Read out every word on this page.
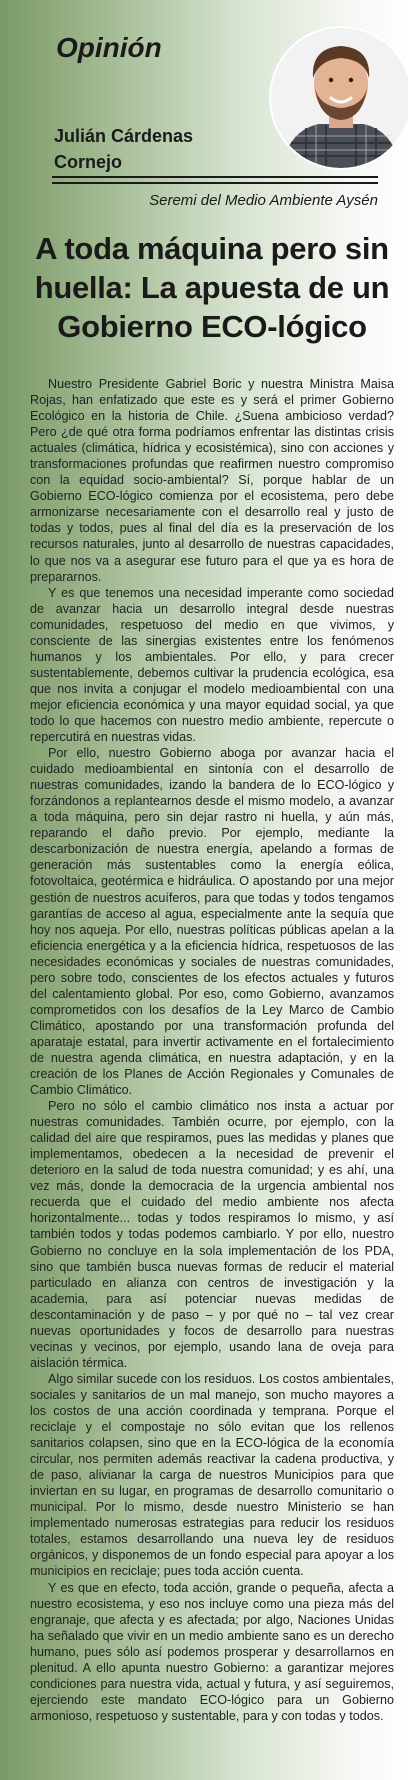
Opinión
Julián Cárdenas Cornejo
Seremi del Medio Ambiente Aysén
A toda máquina pero sin huella: La apuesta de un Gobierno ECO-lógico

Nuestro Presidente Gabriel Boric y nuestra Ministra Maisa Rojas, han enfatizado que este es y será el primer Gobierno Ecológico en la historia de Chile. ¿Suena ambicioso verdad? Pero ¿de qué otra forma podríamos enfrentar las distintas crisis actuales (climática, hídrica y ecosistémica), sino con acciones y transformaciones profundas que reafirmen nuestro compromiso con la equidad socio-ambiental? Sí, porque hablar de un Gobierno ECO-lógico comienza por el ecosistema, pero debe armonizarse necesariamente con el desarrollo real y justo de todas y todos, pues al final del día es la preservación de los recursos naturales, junto al desarrollo de nuestras capacidades, lo que nos va a asegurar ese futuro para el que ya es hora de prepararnos.

Y es que tenemos una necesidad imperante como sociedad de avanzar hacia un desarrollo integral desde nuestras comunidades, respetuoso del medio en que vivimos, y consciente de las sinergias existentes entre los fenómenos humanos y los ambientales. Por ello, y para crecer sustentablemente, debemos cultivar la prudencia ecológica, esa que nos invita a conjugar el modelo medioambiental con una mejor eficiencia económica y una mayor equidad social, ya que todo lo que hacemos con nuestro medio ambiente, repercute o repercutirá en nuestras vidas.

Por ello, nuestro Gobierno aboga por avanzar hacia el cuidado medioambiental en sintonía con el desarrollo de nuestras comunidades, izando la bandera de lo ECO-lógico y forzándonos a replantearnos desde el mismo modelo, a avanzar a toda máquina, pero sin dejar rastro ni huella, y aún más, reparando el daño previo. Por ejemplo, mediante la descarbonización de nuestra energía, apelando a formas de generación más sustentables como la energía eólica, fotovoltaica, geotérmica e hidráulica. O apostando por una mejor gestión de nuestros acuíferos, para que todas y todos tengamos garantías de acceso al agua, especialmente ante la sequía que hoy nos aqueja. Por ello, nuestras políticas públicas apelan a la eficiencia energética y a la eficiencia hídrica, respetuosos de las necesidades económicas y sociales de nuestras comunidades, pero sobre todo, conscientes de los efectos actuales y futuros del calentamiento global. Por eso, como Gobierno, avanzamos comprometidos con los desafíos de la Ley Marco de Cambio Climático, apostando por una transformación profunda del aparataje estatal, para invertir activamente en el fortalecimiento de nuestra agenda climática, en nuestra adaptación, y en la creación de los Planes de Acción Regionales y Comunales de Cambio Climático.

Pero no sólo el cambio climático nos insta a actuar por nuestras comunidades. También ocurre, por ejemplo, con la calidad del aire que respiramos, pues las medidas y planes que implementamos, obedecen a la necesidad de prevenir el deterioro en la salud de toda nuestra comunidad; y es ahí, una vez más, donde la democracia de la urgencia ambiental nos recuerda que el cuidado del medio ambiente nos afecta horizontalmente... todas y todos respiramos lo mismo, y así también todos y todas podemos cambiarlo. Y por ello, nuestro Gobierno no concluye en la sola implementación de los PDA, sino que también busca nuevas formas de reducir el material particulado en alianza con centros de investigación y la academia, para así potenciar nuevas medidas de descontaminación y de paso – y por qué no – tal vez crear nuevas oportunidades y focos de desarrollo para nuestras vecinas y vecinos, por ejemplo, usando lana de oveja para aislación térmica.

Algo similar sucede con los residuos. Los costos ambientales, sociales y sanitarios de un mal manejo, son mucho mayores a los costos de una acción coordinada y temprana. Porque el reciclaje y el compostaje no sólo evitan que los rellenos sanitarios colapsen, sino que en la ECO-lógica de la economía circular, nos permiten además reactivar la cadena productiva, y de paso, alivianar la carga de nuestros Municipios para que inviertan en su lugar, en programas de desarrollo comunitario o municipal. Por lo mismo, desde nuestro Ministerio se han implementado numerosas estrategias para reducir los residuos totales, estamos desarrollando una nueva ley de residuos orgánicos, y disponemos de un fondo especial para apoyar a los municipios en reciclaje; pues toda acción cuenta.

Y es que en efecto, toda acción, grande o pequeña, afecta a nuestro ecosistema, y eso nos incluye como una pieza más del engranaje, que afecta y es afectada; por algo, Naciones Unidas ha señalado que vivir en un medio ambiente sano es un derecho humano, pues sólo así podemos prosperar y desarrollarnos en plenitud. A ello apunta nuestro Gobierno: a garantizar mejores condiciones para nuestra vida, actual y futura, y así seguiremos, ejerciendo este mandato ECO-lógico para un Gobierno armonioso, respetuoso y sustentable, para y con todas y todos.
